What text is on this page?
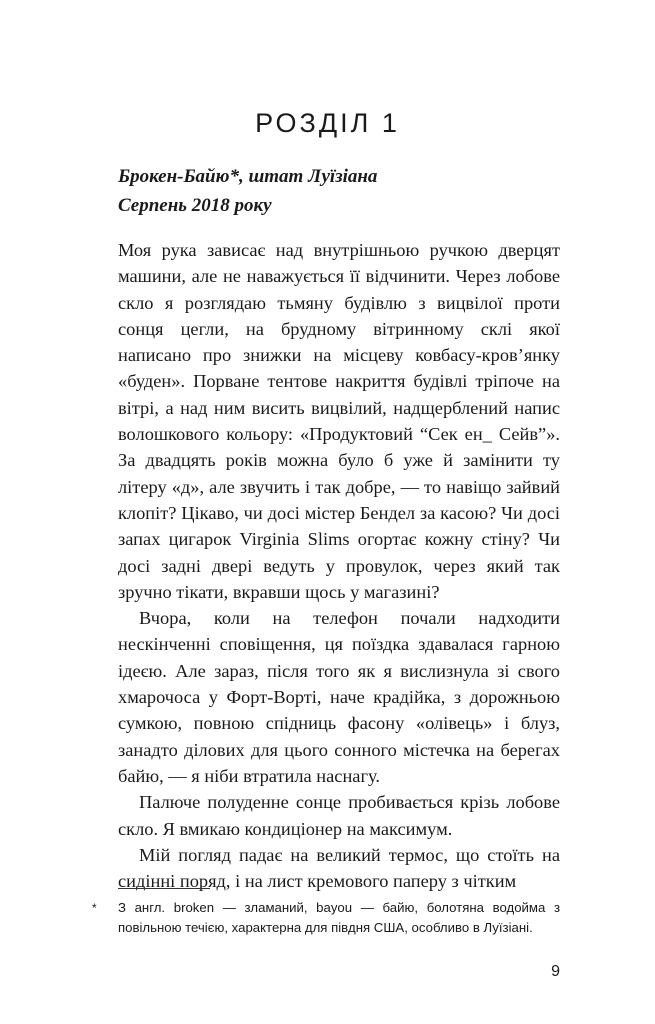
РОЗДІЛ 1
Брокен-Байю*, штат Луїзіана
Серпень 2018 року

Моя рука зависає над внутрішньою ручкою дверцят машини, але не наважується її відчинити. Через лобове скло я розглядаю тьмяну будівлю з вицвілої проти сонця цегли, на брудному вітринному склі якої написано про знижки на місцеву ковбасу-кров’янку «буден». Порване тентове накриття будівлі тріпоче на вітрі, а над ним висить вицвілий, надщерблений напис волошкового кольору: «Продуктовий “Сек ен_ Сейв”». За двадцять років можна було б уже й замінити ту літеру «д», але звучить і так добре, — то навіщо зайвий клопіт? Цікаво, чи досі містер Бендел за касою? Чи досі запах цигарок Virginia Slims огортає кожну стіну? Чи досі задні двері ведуть у провулок, через який так зручно тікати, вкравши щось у магазині?

Вчора, коли на телефон почали надходити нескінченні сповіщення, ця поїздка здавалася гарною ідеєю. Але зараз, після того як я вислизнула зі свого хмарочоса у Форт-Ворті, наче крадійка, з дорожньою сумкою, повною спідниць фасону «олівець» і блуз, занадто ділових для цього сонного містечка на берегах байю, — я ніби втратила наснагу.

Палюче полуденне сонце пробивається крізь лобове скло. Я вмикаю кондиціонер на максимум.

Мій погляд падає на великий термос, що стоїть на сидінні поряд, і на лист кремового паперу з чітким

* З англ. broken — зламаний, bayou — байю, болотяна водойма з повільною течією, характерна для півдня США, особливо в Луїзіані.

9
